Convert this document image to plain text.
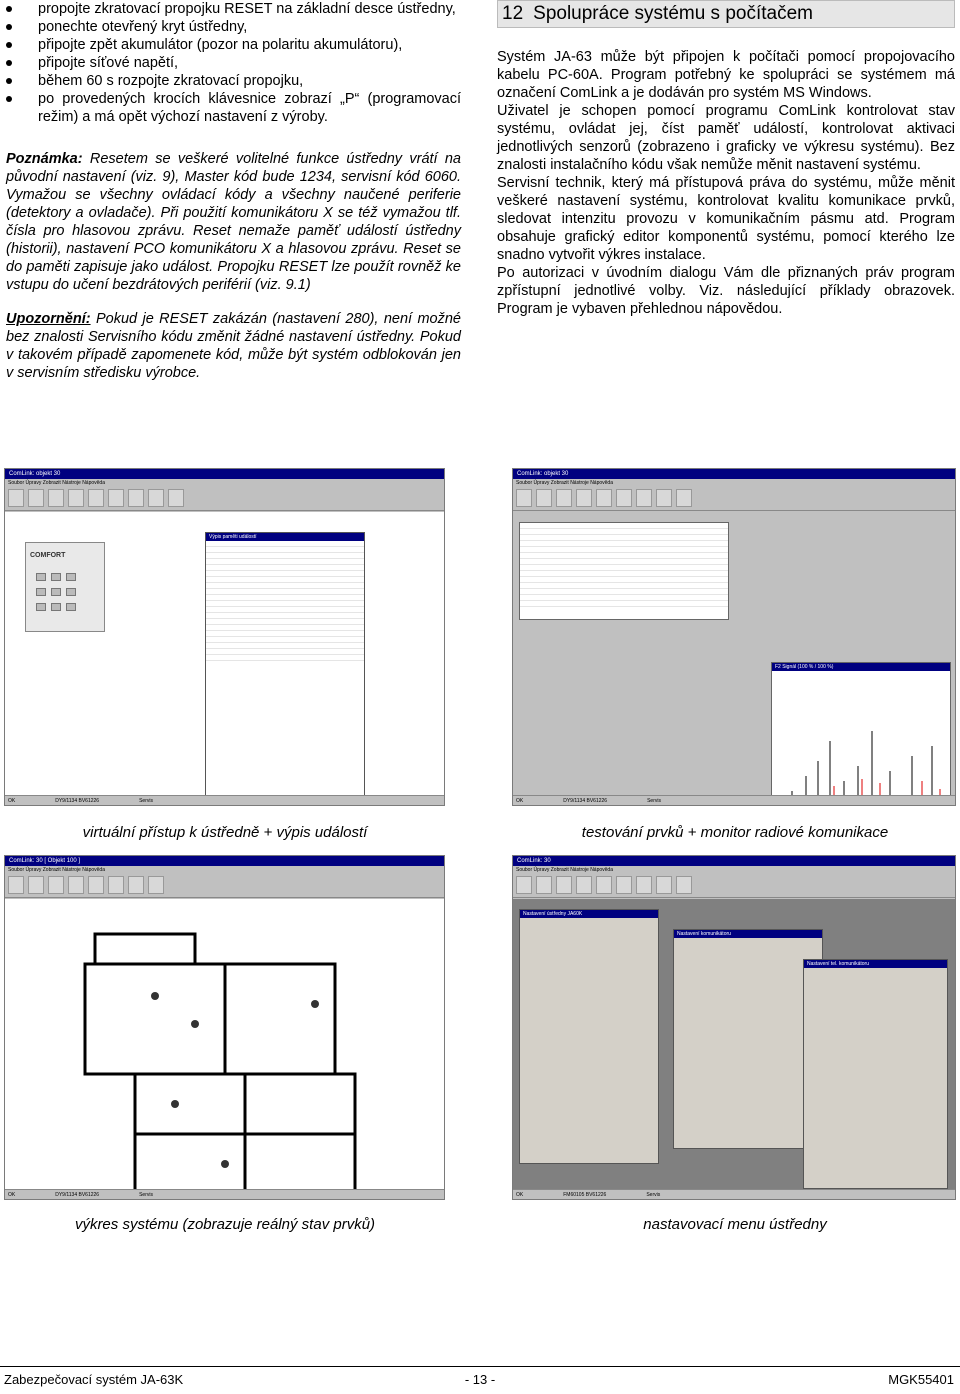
propojte zkratovací propojku RESET na základní desce ústředny,
ponechte otevřený kryt ústředny,
připojte zpět akumulátor (pozor na polaritu akumulátoru),
připojte síťové napětí,
během 60 s rozpojte zkratovací propojku,
po provedených krocích klávesnice zobrazí „P“ (programovací režim) a má opět výchozí nastavení z výroby.

Poznámka: Resetem se veškeré volitelné funkce ústředny vrátí na původní nastavení (viz. 9), Master kód bude 1234, servisní kód 6060. Vymažou se všechny ovládací kódy a všechny naučené periferie (detektory a ovladače). Při použití komunikátoru X se též vymažou tlf. čísla pro hlasovou zprávu. Reset nemaže paměť událostí ústředny (historii), nastavení PCO komunikátoru X a hlasovou zprávu. Reset se do paměti zapisuje jako událost. Propojku RESET lze použít rovněž ke vstupu do učení bezdrátových periférií (viz. 9.1)

Upozornění: Pokud je RESET zakázán (nastavení 280), není možné bez znalosti Servisního kódu změnit žádné nastavení ústředny. Pokud v takovém případě zapomenete kód, může být systém odblokován jen v servisním středisku výrobce.

12 Spolupráce systému s počítačem

Systém JA-63 může být připojen k počítači pomocí propojovacího kabelu PC-60A. Program potřebný ke spolupráci se systémem má označení ComLink a je dodáván pro systém MS Windows.

Uživatel je schopen pomocí programu ComLink kontrolovat stav systému, ovládat jej, číst paměť událostí, kontrolovat aktivaci jednotlivých senzorů (zobrazeno i graficky ve výkresu systému). Bez znalosti instalačního kódu však nemůže měnit nastavení systému.

Servisní technik, který má přístupová práva do systému, může měnit veškeré nastavení systému, kontrolovat kvalitu komunikace prvků, sledovat intenzitu provozu v komunikačním pásmu atd. Program obsahuje grafický editor komponentů systému, pomocí kterého lze snadno vytvořit výkres instalace.

Po autorizaci v úvodním dialogu Vám dle přiznaných práv program zpřístupní jednotlivé volby. Viz. následující příklady obrazovek. Program je vybaven přehlednou nápovědou.

ComLink: objekt 30
Soubor Úpravy Zobrazit Nástroje Nápověda
COMFORT
Výpis paměti událostí
OK	DY9/1134 BV61226	Servis
ComLink: objekt 30
Soubor Úpravy Zobrazit Nástroje Nápověda
F2 Signál (100 % / 100 %)
OK	DY9/1134 BV61226	Servis
virtuální přístup k ústředně + výpis událostí	testování prvků + monitor radiové komunikace
ComLink: 30 [ Objekt 100 ]
Soubor Úpravy Zobrazit Nástroje Nápověda
OK	DY9/1134 BV61226	Servis
ComLink: 30
Soubor Úpravy Zobrazit Nástroje Nápověda
Nastavení ústředny JA60K
Nastavení komunikátoru
Nastavení tel. komunikátoru
OK	FM60105 BV61226	Servis
výkres systému (zobrazuje reálný stav prvků)	nastavovací menu ústředny
Zabezpečovací systém JA-63K	- 13 -	MGK55401
